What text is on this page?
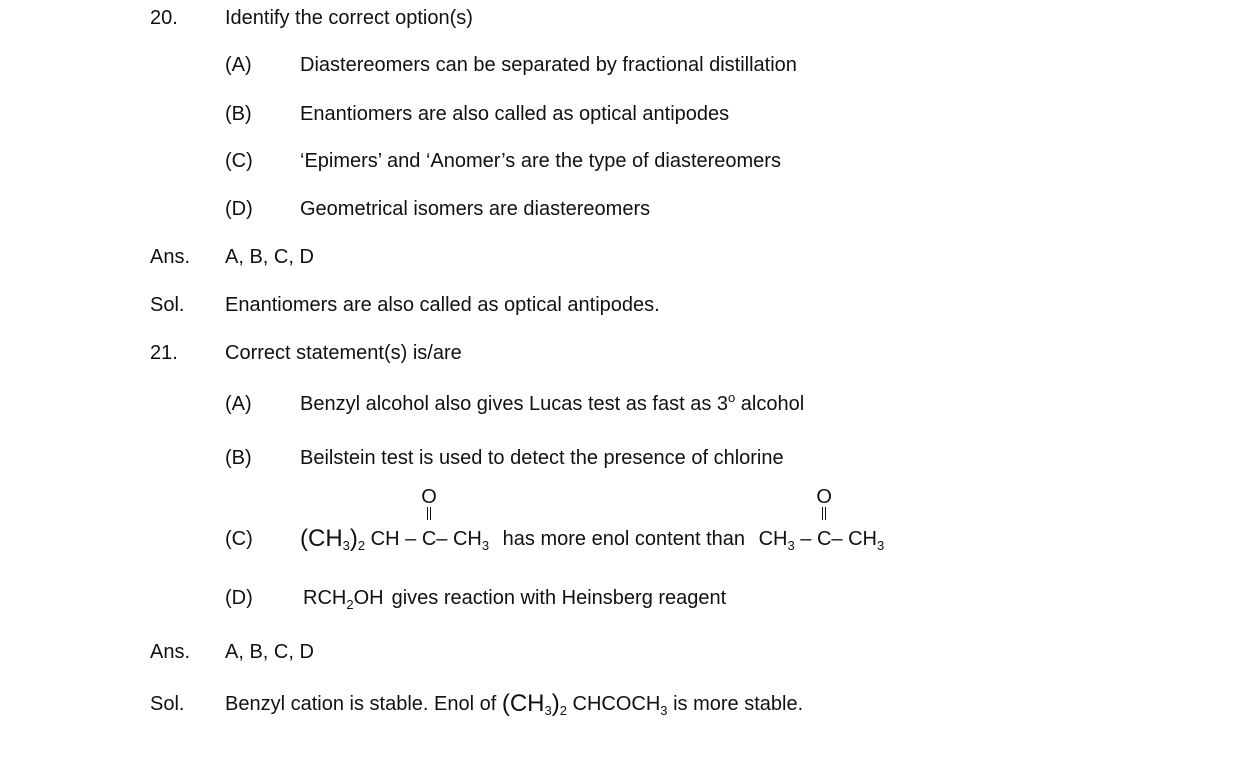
20. Identify the correct option(s)
(A) Diastereomers can be separated by fractional distillation
(B) Enantiomers are also called as optical antipodes
(C) ‘Epimers’ and ‘Anomer’s are the type of diastereomers
(D) Geometrical isomers are diastereomers
Ans. A, B, C, D
Sol. Enantiomers are also called as optical antipodes.
21. Correct statement(s) is/are
(A) Benzyl alcohol also gives Lucas test as fast as 3$^o$ alcohol
(B) Beilstein test is used to detect the presence of chlorine
(C) $(CH_3)_2$ CH –
O
C– $CH_3$ has more enol content than $CH_3$ –
O
C– $CH_3$
(D)	$RCH_2OH$ gives reaction with Heinsberg reagent
Ans. A, B, C, D
Sol. Benzyl cation is stable. Enol of $(CH_3)_2$ $CHCOCH_3$ is more stable.
